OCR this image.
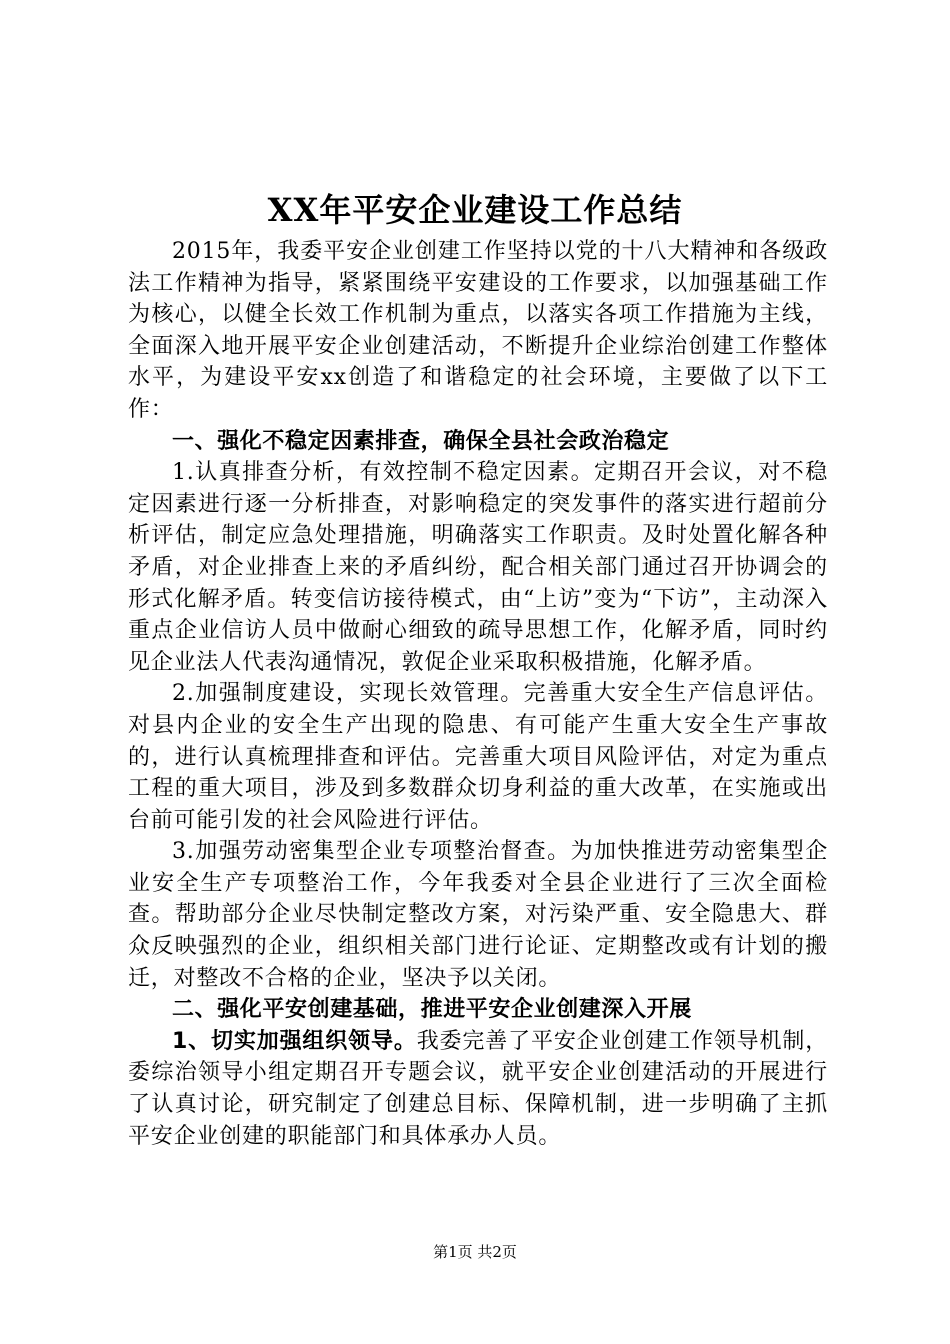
XX年平安企业建设工作总结

2015年，我委平安企业创建工作坚持以党的十八大精神和各级政法工作精神为指导，紧紧围绕平安建设的工作要求，以加强基础工作为核心，以健全长效工作机制为重点，以落实各项工作措施为主线，全面深入地开展平安企业创建活动，不断提升企业综治创建工作整体水平，为建设平安xx创造了和谐稳定的社会环境，主要做了以下工作：

一、强化不稳定因素排查，确保全县社会政治稳定

1.认真排查分析，有效控制不稳定因素。定期召开会议，对不稳定因素进行逐一分析排查，对影响稳定的突发事件的落实进行超前分析评估，制定应急处理措施，明确落实工作职责。及时处置化解各种矛盾，对企业排查上来的矛盾纠纷，配合相关部门通过召开协调会的形式化解矛盾。转变信访接待模式，由“上访”变为“下访”，主动深入重点企业信访人员中做耐心细致的疏导思想工作，化解矛盾，同时约见企业法人代表沟通情况，敦促企业采取积极措施，化解矛盾。

2.加强制度建设，实现长效管理。完善重大安全生产信息评估。对县内企业的安全生产出现的隐患、有可能产生重大安全生产事故的，进行认真梳理排查和评估。完善重大项目风险评估，对定为重点工程的重大项目，涉及到多数群众切身利益的重大改革，在实施或出台前可能引发的社会风险进行评估。

3.加强劳动密集型企业专项整治督查。为加快推进劳动密集型企业安全生产专项整治工作，今年我委对全县企业进行了三次全面检查。帮助部分企业尽快制定整改方案，对污染严重、安全隐患大、群众反映强烈的企业，组织相关部门进行论证、定期整改或有计划的搬迁，对整改不合格的企业，坚决予以关闭。

二、强化平安创建基础，推进平安企业创建深入开展

1、切实加强组织领导。我委完善了平安企业创建工作领导机制，委综治领导小组定期召开专题会议，就平安企业创建活动的开展进行了认真讨论，研究制定了创建总目标、保障机制，进一步明确了主抓平安企业创建的职能部门和具体承办人员。

第1页 共2页
